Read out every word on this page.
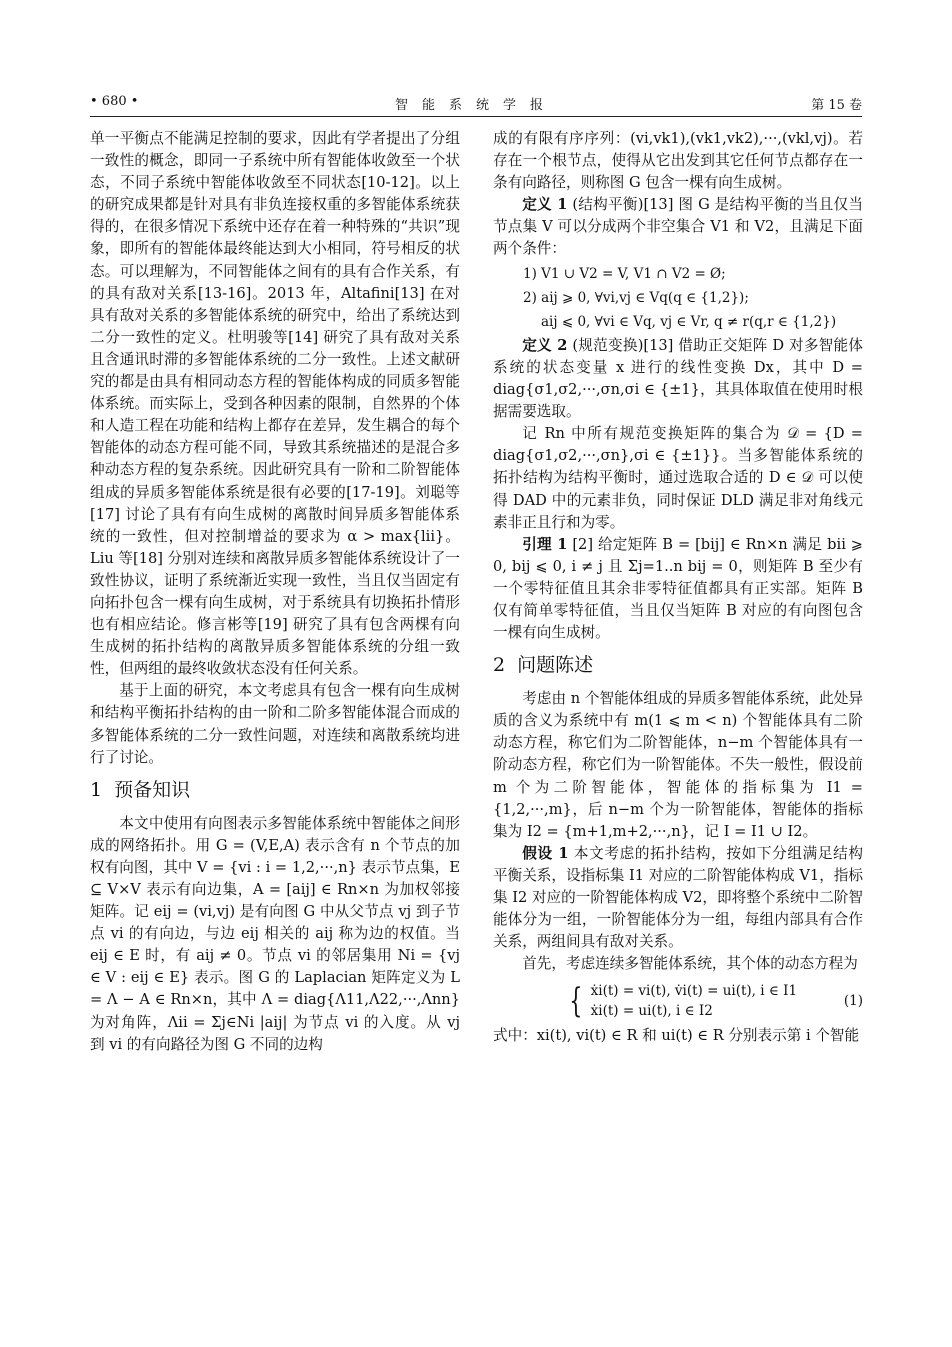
• 680 •	智能系统学报	第 15 卷

单一平衡点不能满足控制的要求，因此有学者提出了分组一致性的概念，即同一子系统中所有智能体收敛至一个状态，不同子系统中智能体收敛至不同状态[10-12]。以上的研究成果都是针对具有非负连接权重的多智能体系统获得的，在很多情况下系统中还存在着一种特殊的“共识”现象，即所有的智能体最终能达到大小相同，符号相反的状态。可以理解为，不同智能体之间有的具有合作关系，有的具有敌对关系[13-16]。2013 年，Altafini[13] 在对具有敌对关系的多智能体系统的研究中，给出了系统达到二分一致性的定义。杜明骏等[14] 研究了具有敌对关系且含通讯时滞的多智能体系统的二分一致性。上述文献研究的都是由具有相同动态方程的智能体构成的同质多智能体系统。而实际上，受到各种因素的限制，自然界的个体和人造工程在功能和结构上都存在差异，发生耦合的每个智能体的动态方程可能不同，导致其系统描述的是混合多种动态方程的复杂系统。因此研究具有一阶和二阶智能体组成的异质多智能体系统是很有必要的[17-19]。刘聪等[17] 讨论了具有有向生成树的离散时间异质多智能体系统的一致性，但对控制增益的要求为 α > max{lii}。Liu 等[18] 分别对连续和离散异质多智能体系统设计了一致性协议，证明了系统渐近实现一致性，当且仅当固定有向拓扑包含一棵有向生成树，对于系统具有切换拓扑情形也有相应结论。修言彬等[19] 研究了具有包含两棵有向生成树的拓扑结构的离散异质多智能体系统的分组一致性，但两组的最终收敛状态没有任何关系。

基于上面的研究，本文考虑具有包含一棵有向生成树和结构平衡拓扑结构的由一阶和二阶多智能体混合而成的多智能体系统的二分一致性问题，对连续和离散系统均进行了讨论。

1 预备知识

本文中使用有向图表示多智能体系统中智能体之间形成的网络拓扑。用 G = (V,E,A) 表示含有 n 个节点的加权有向图，其中 V = {vi : i = 1,2,···,n} 表示节点集，E ⊆ V×V 表示有向边集，A = [aij] ∈ Rn×n 为加权邻接矩阵。记 eij = (vi,vj) 是有向图 G 中从父节点 vj 到子节点 vi 的有向边，与边 eij 相关的 aij 称为边的权值。当 eij ∈ E 时，有 aij ≠ 0。节点 vi 的邻居集用 Ni = {vj ∈ V : eij ∈ E} 表示。图 G 的 Laplacian 矩阵定义为 L = Λ − A ∈ Rn×n，其中 Λ = diag{Λ11,Λ22,···,Λnn} 为对角阵，Λii = Σj∈Ni |aij| 为节点 vi 的入度。从 vj 到 vi 的有向路径为图 G 不同的边构

成的有限有序序列：(vi,vk1),(vk1,vk2),···,(vkl,vj)。若存在一个根节点，使得从它出发到其它任何节点都存在一条有向路径，则称图 G 包含一棵有向生成树。

定义 1 (结构平衡)[13] 图 G 是结构平衡的当且仅当节点集 V 可以分成两个非空集合 V1 和 V2，且满足下面两个条件：

1) V1 ∪ V2 = V, V1 ∩ V2 = Ø;
2) aij ⩾ 0, ∀vi,vj ∈ Vq(q ∈ {1,2});
aij ⩽ 0, ∀vi ∈ Vq, vj ∈ Vr, q ≠ r(q,r ∈ {1,2})

定义 2 (规范变换)[13] 借助正交矩阵 D 对多智能体系统的状态变量 x 进行的线性变换 Dx，其中 D = diag{σ1,σ2,···,σn,σi ∈ {±1}，其具体取值在使用时根据需要选取。

记 Rn 中所有规范变换矩阵的集合为 𝒟 = {D = diag{σ1,σ2,···,σn},σi ∈ {±1}}。当多智能体系统的拓扑结构为结构平衡时，通过选取合适的 D ∈ 𝒟 可以使得 DAD 中的元素非负，同时保证 DLD 满足非对角线元素非正且行和为零。

引理 1 [2] 给定矩阵 B = [bij] ∈ Rn×n 满足 bii ⩾ 0, bij ⩽ 0, i ≠ j 且 Σj=1..n bij = 0，则矩阵 B 至少有一个零特征值且其余非零特征值都具有正实部。矩阵 B 仅有简单零特征值，当且仅当矩阵 B 对应的有向图包含一棵有向生成树。

2 问题陈述

考虑由 n 个智能体组成的异质多智能体系统，此处异质的含义为系统中有 m(1 ⩽ m < n) 个智能体具有二阶动态方程，称它们为二阶智能体，n−m 个智能体具有一阶动态方程，称它们为一阶智能体。不失一般性，假设前 m 个为二阶智能体，智能体的指标集为 I1 = {1,2,···,m}，后 n−m 个为一阶智能体，智能体的指标集为 I2 = {m+1,m+2,···,n}，记 I = I1 ∪ I2。

假设 1 本文考虑的拓扑结构，按如下分组满足结构平衡关系，设指标集 I1 对应的二阶智能体构成 V1，指标集 I2 对应的一阶智能体构成 V2，即将整个系统中二阶智能体分为一组，一阶智能体分为一组，每组内部具有合作关系，两组间具有敌对关系。

首先，考虑连续多智能体系统，其个体的动态方程为

{ ẋi(t) = vi(t), v̇i(t) = ui(t), i ∈ I1
ẋi(t) = ui(t), i ∈ I2
(1)

式中：xi(t), vi(t) ∈ R 和 ui(t) ∈ R 分别表示第 i 个智能
